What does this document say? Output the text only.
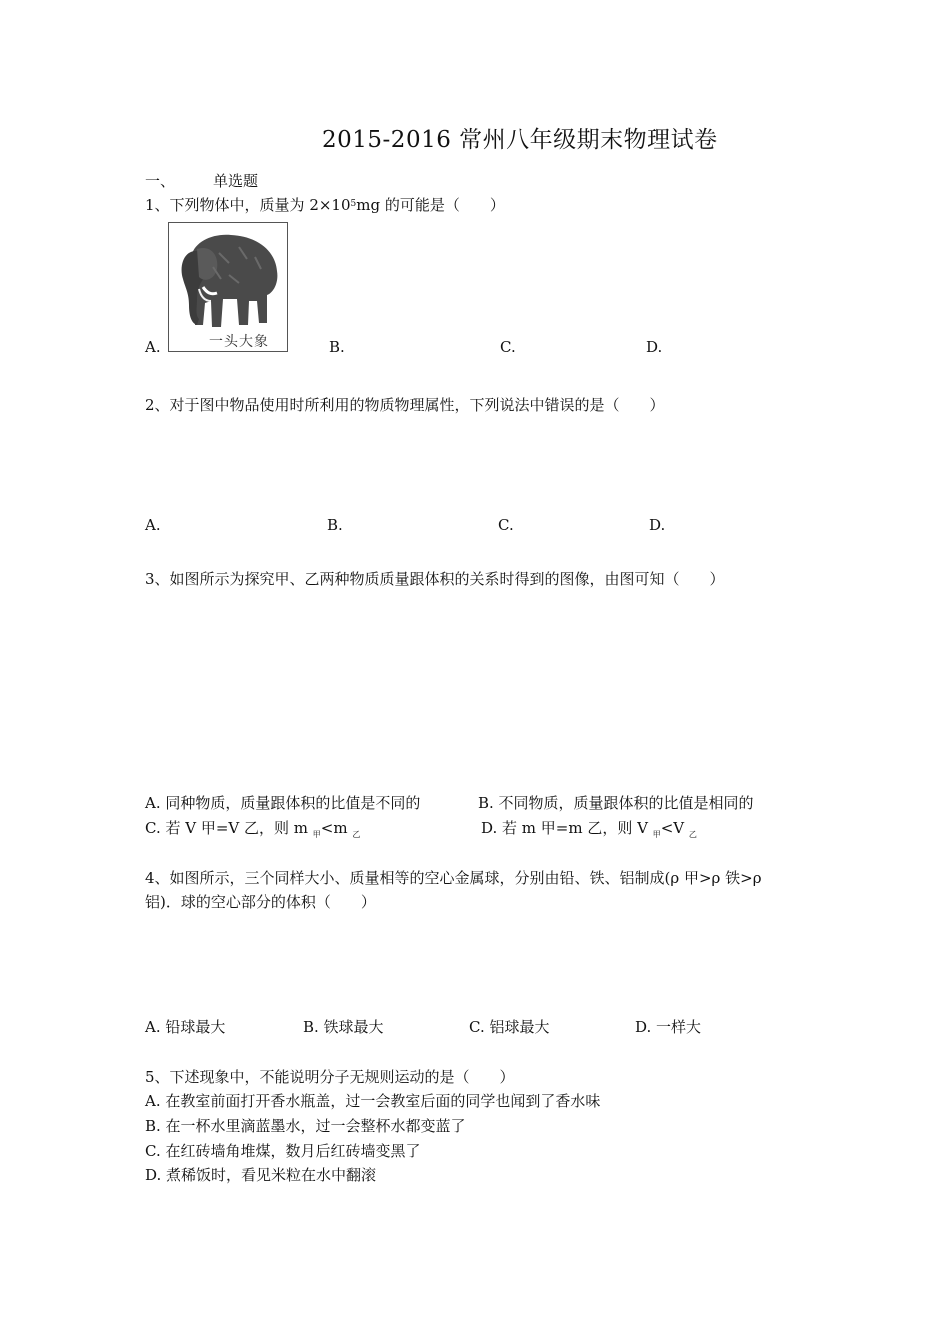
2015-2016 常州八年级期末物理试卷
一、	单选题
1、下列物体中，质量为 $2\times 10^5mg$ 的可能是（　　）
一头大象
A.	B.	C.	D.
2、对于图中物品使用时所利用的物质物理属性，下列说法中错误的是（　　）
A.	B.	C.	D.
3、如图所示为探究甲、乙两种物质质量跟体积的关系时得到的图像，由图可知（　　）
A. 同种物质，质量跟体积的比值是不同的	B. 不同物质，质量跟体积的比值是相同的
C. 若 V 甲=V 乙，则 m $_甲$<m $_乙$	D. 若 m 甲=m 乙，则 V $_甲$<V $_乙$
4、如图所示，三个同样大小、质量相等的空心金属球，分别由铅、铁、铝制成(ρ 甲>ρ 铁>ρ
铝)．球的空心部分的体积（　　）
A. 铅球最大	B. 铁球最大	C. 铝球最大	D. 一样大
5、下述现象中，不能说明分子无规则运动的是（　　）
A. 在教室前面打开香水瓶盖，过一会教室后面的同学也闻到了香水味
B. 在一杯水里滴蓝墨水，过一会整杯水都变蓝了
C. 在红砖墙角堆煤，数月后红砖墙变黑了
D. 煮稀饭时，看见米粒在水中翻滚
